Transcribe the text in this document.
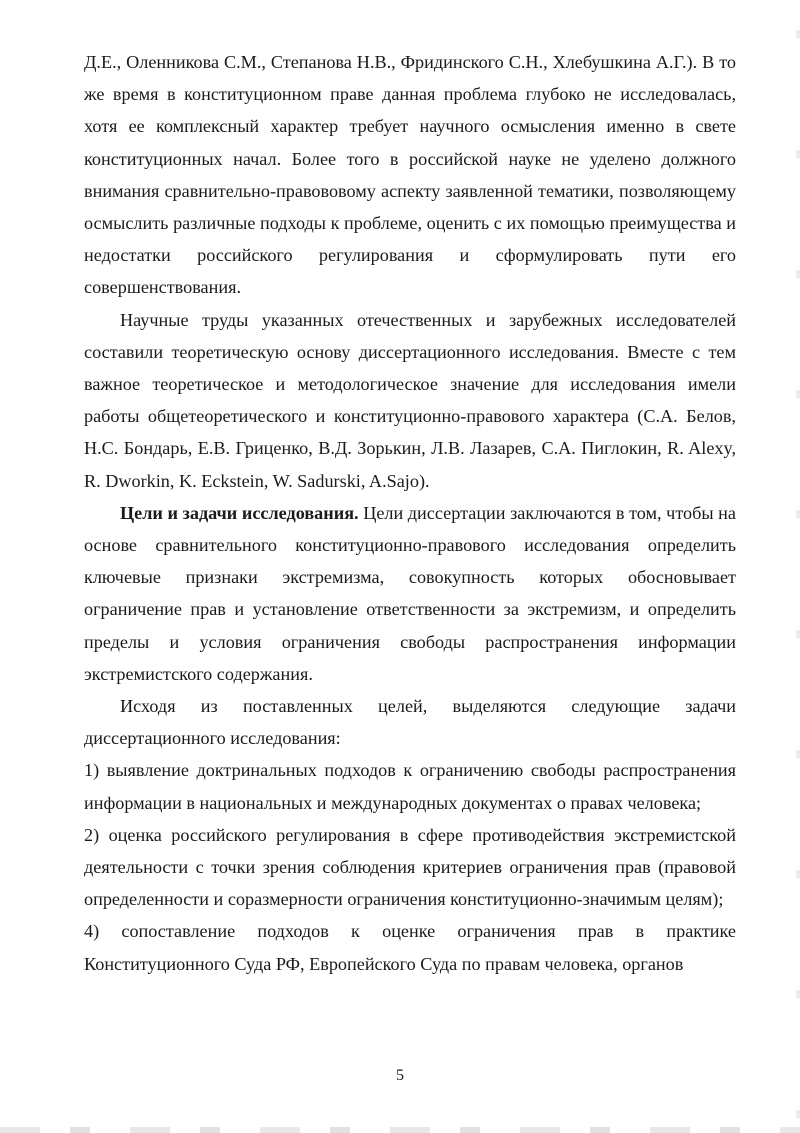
Д.Е., Оленникова С.М., Степанова Н.В., Фридинского С.Н., Хлебушкина А.Г.). В то же время в конституционном праве данная проблема глубоко не исследовалась, хотя ее комплексный характер требует научного осмысления именно в свете конституционных начал. Более того в российской науке не уделено должного внимания сравнительно-правововому аспекту заявленной тематики, позволяющему осмыслить различные подходы к проблеме, оценить с их помощью преимущества и недостатки российского регулирования и сформулировать пути его совершенствования.

Научные труды указанных отечественных и зарубежных исследователей составили теоретическую основу диссертационного исследования. Вместе с тем важное теоретическое и методологическое значение для исследования имели работы общетеоретического и конституционно-правового характера (С.А. Белов, Н.С. Бондарь, Е.В. Гриценко, В.Д. Зорькин, Л.В. Лазарев, С.А. Пиглокин, R. Alexy, R. Dworkin, K. Eckstein, W. Sadurski, A.Sajo).

Цели и задачи исследования. Цели диссертации заключаются в том, чтобы на основе сравнительного конституционно-правового исследования определить ключевые признаки экстремизма, совокупность которых обосновывает ограничение прав и установление ответственности за экстремизм, и определить пределы и условия ограничения свободы распространения информации экстремистского содержания.

Исходя из поставленных целей, выделяются следующие задачи диссертационного исследования:

1) выявление доктринальных подходов к ограничению свободы распространения информации в национальных и международных документах о правах человека;

2) оценка российского регулирования в сфере противодействия экстремистской деятельности с точки зрения соблюдения критериев ограничения прав (правовой определенности и соразмерности ограничения конституционно-значимым целям);

4) сопоставление подходов к оценке ограничения прав в практике Конституционного Суда РФ, Европейского Суда по правам человека, органов

5
